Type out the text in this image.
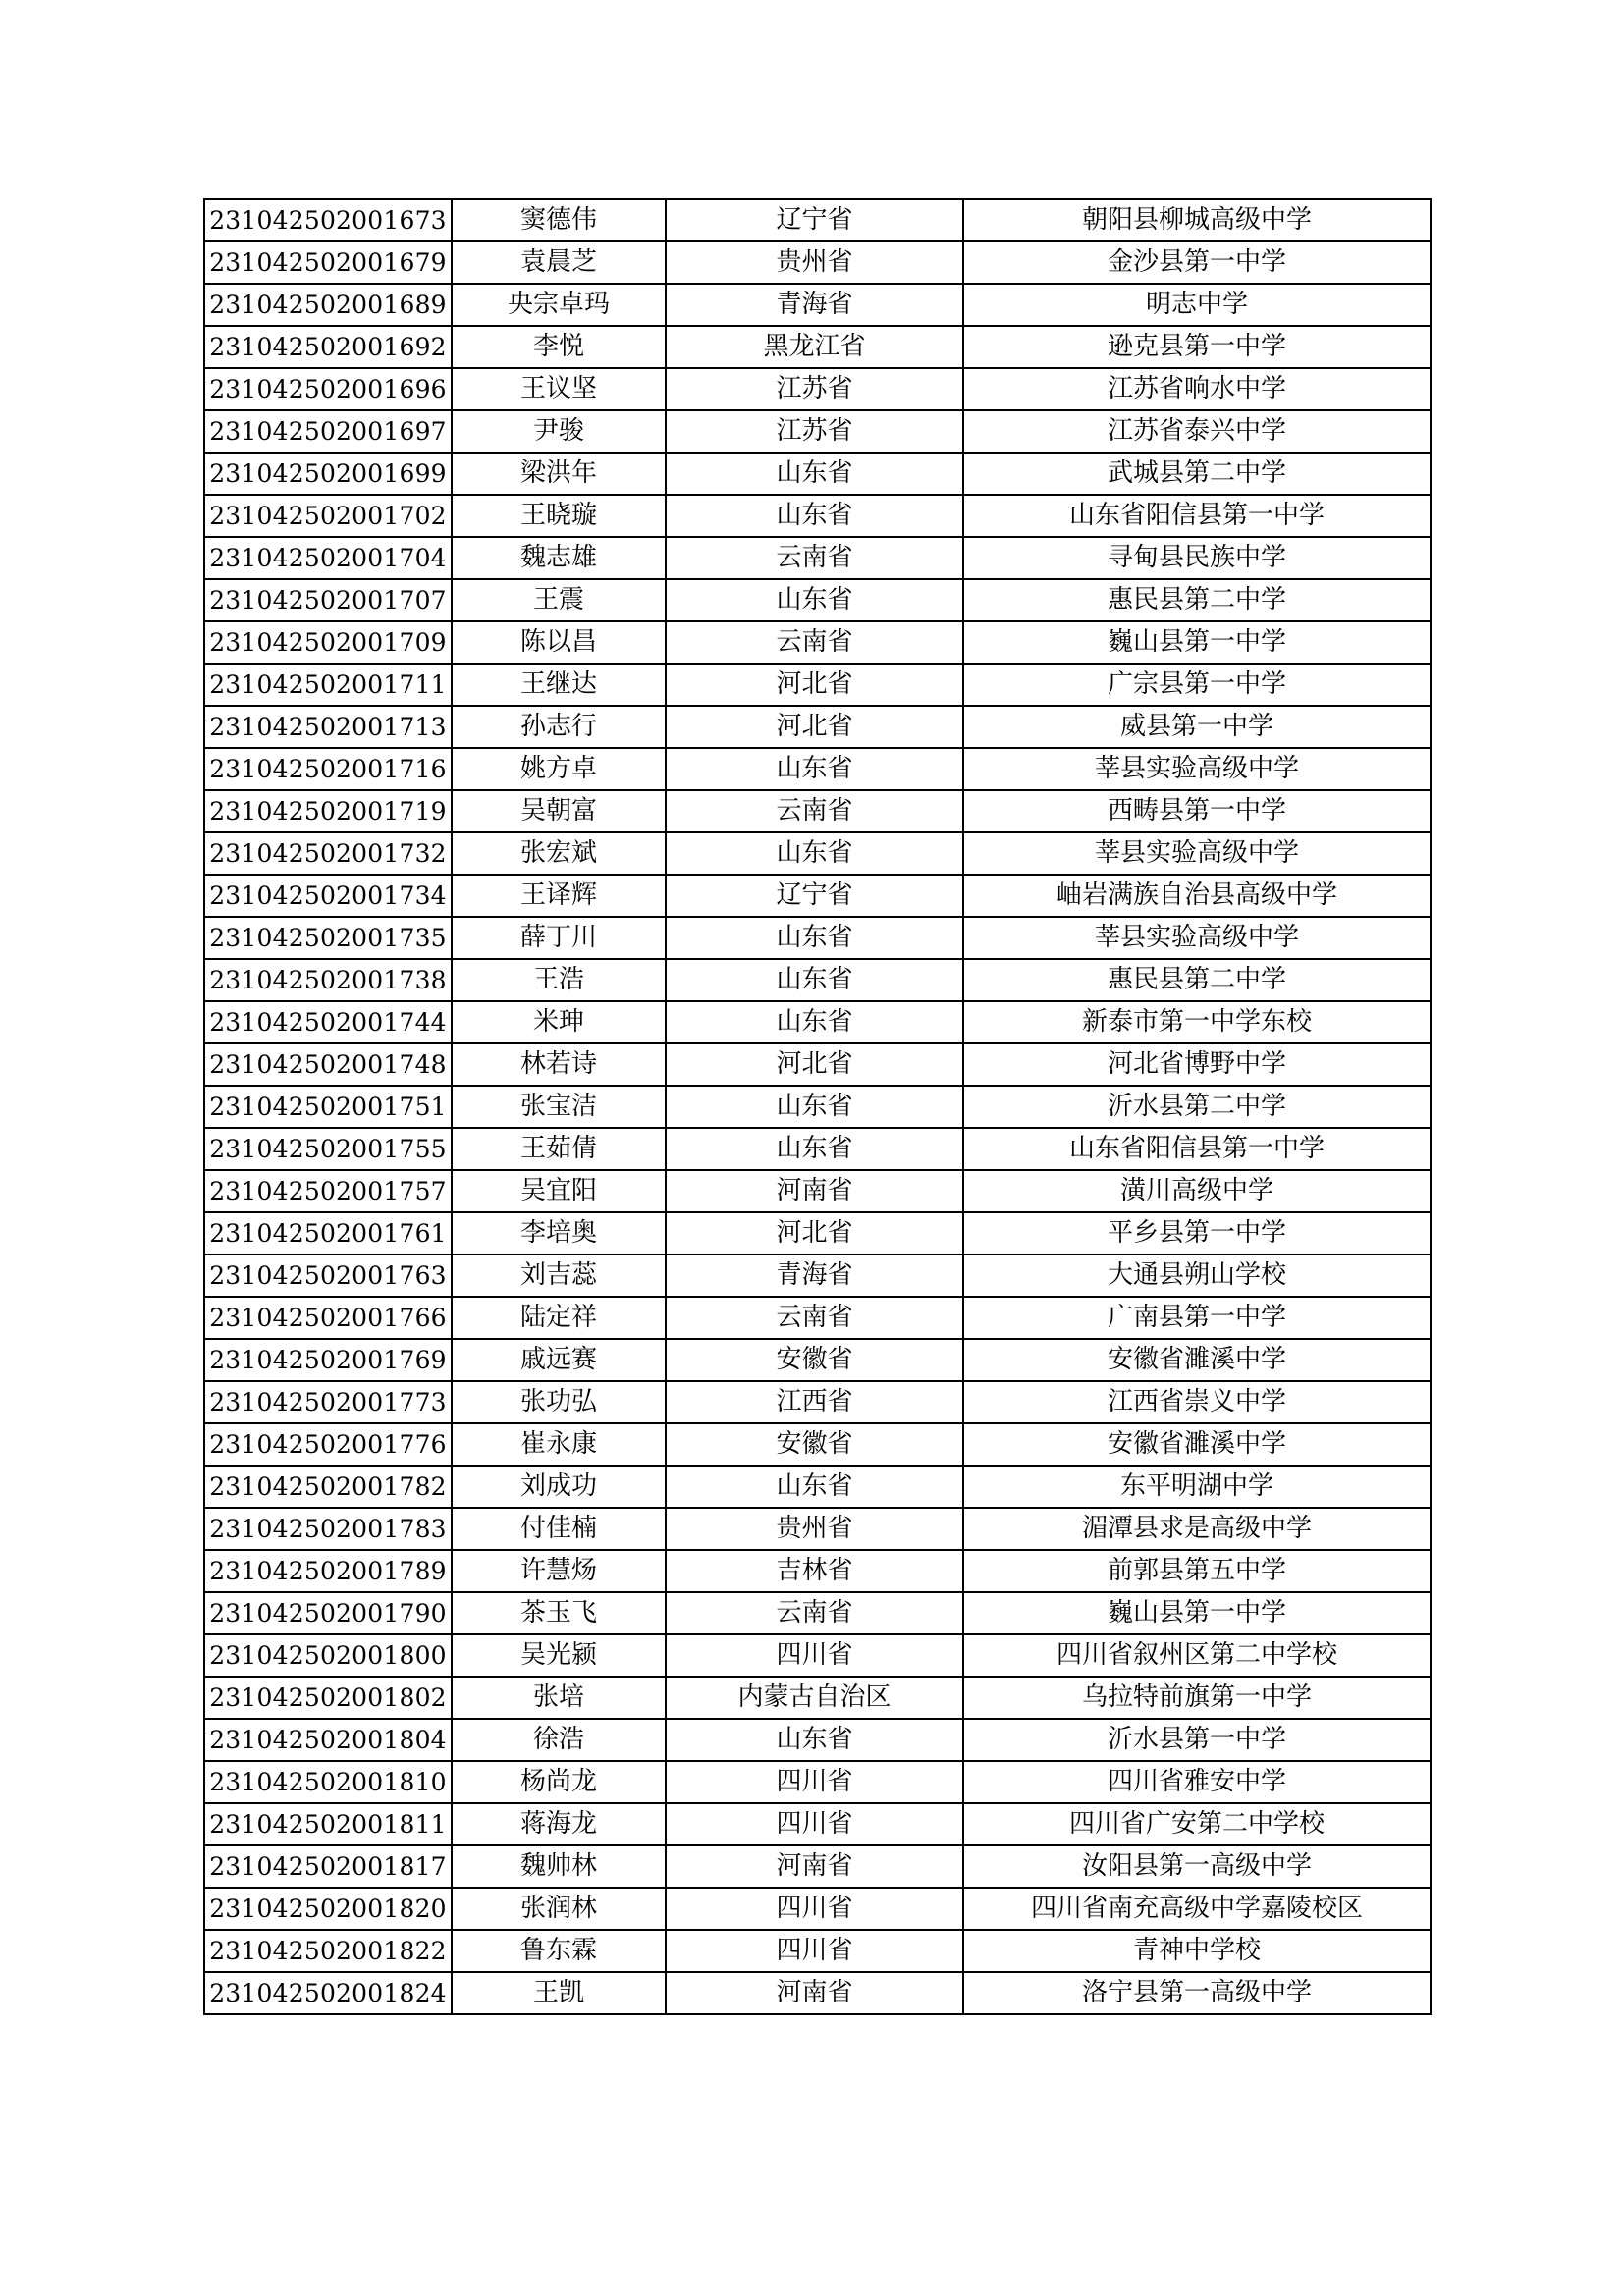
231042502001673	窦德伟	辽宁省	朝阳县柳城高级中学
231042502001679	袁晨芝	贵州省	金沙县第一中学
231042502001689	央宗卓玛	青海省	明志中学
231042502001692	李悦	黑龙江省	逊克县第一中学
231042502001696	王议坚	江苏省	江苏省响水中学
231042502001697	尹骏	江苏省	江苏省泰兴中学
231042502001699	梁洪年	山东省	武城县第二中学
231042502001702	王晓璇	山东省	山东省阳信县第一中学
231042502001704	魏志雄	云南省	寻甸县民族中学
231042502001707	王震	山东省	惠民县第二中学
231042502001709	陈以昌	云南省	巍山县第一中学
231042502001711	王继达	河北省	广宗县第一中学
231042502001713	孙志行	河北省	威县第一中学
231042502001716	姚方卓	山东省	莘县实验高级中学
231042502001719	吴朝富	云南省	西畴县第一中学
231042502001732	张宏斌	山东省	莘县实验高级中学
231042502001734	王译辉	辽宁省	岫岩满族自治县高级中学
231042502001735	薛丁川	山东省	莘县实验高级中学
231042502001738	王浩	山东省	惠民县第二中学
231042502001744	米珅	山东省	新泰市第一中学东校
231042502001748	林若诗	河北省	河北省博野中学
231042502001751	张宝洁	山东省	沂水县第二中学
231042502001755	王茹倩	山东省	山东省阳信县第一中学
231042502001757	吴宜阳	河南省	潢川高级中学
231042502001761	李培奥	河北省	平乡县第一中学
231042502001763	刘吉蕊	青海省	大通县朔山学校
231042502001766	陆定祥	云南省	广南县第一中学
231042502001769	戚远赛	安徽省	安徽省濉溪中学
231042502001773	张功弘	江西省	江西省崇义中学
231042502001776	崔永康	安徽省	安徽省濉溪中学
231042502001782	刘成功	山东省	东平明湖中学
231042502001783	付佳楠	贵州省	湄潭县求是高级中学
231042502001789	许慧炀	吉林省	前郭县第五中学
231042502001790	茶玉飞	云南省	巍山县第一中学
231042502001800	吴光颍	四川省	四川省叙州区第二中学校
231042502001802	张培	内蒙古自治区	乌拉特前旗第一中学
231042502001804	徐浩	山东省	沂水县第一中学
231042502001810	杨尚龙	四川省	四川省雅安中学
231042502001811	蒋海龙	四川省	四川省广安第二中学校
231042502001817	魏帅林	河南省	汝阳县第一高级中学
231042502001820	张润林	四川省	四川省南充高级中学嘉陵校区
231042502001822	鲁东霖	四川省	青神中学校
231042502001824	王凯	河南省	洛宁县第一高级中学
